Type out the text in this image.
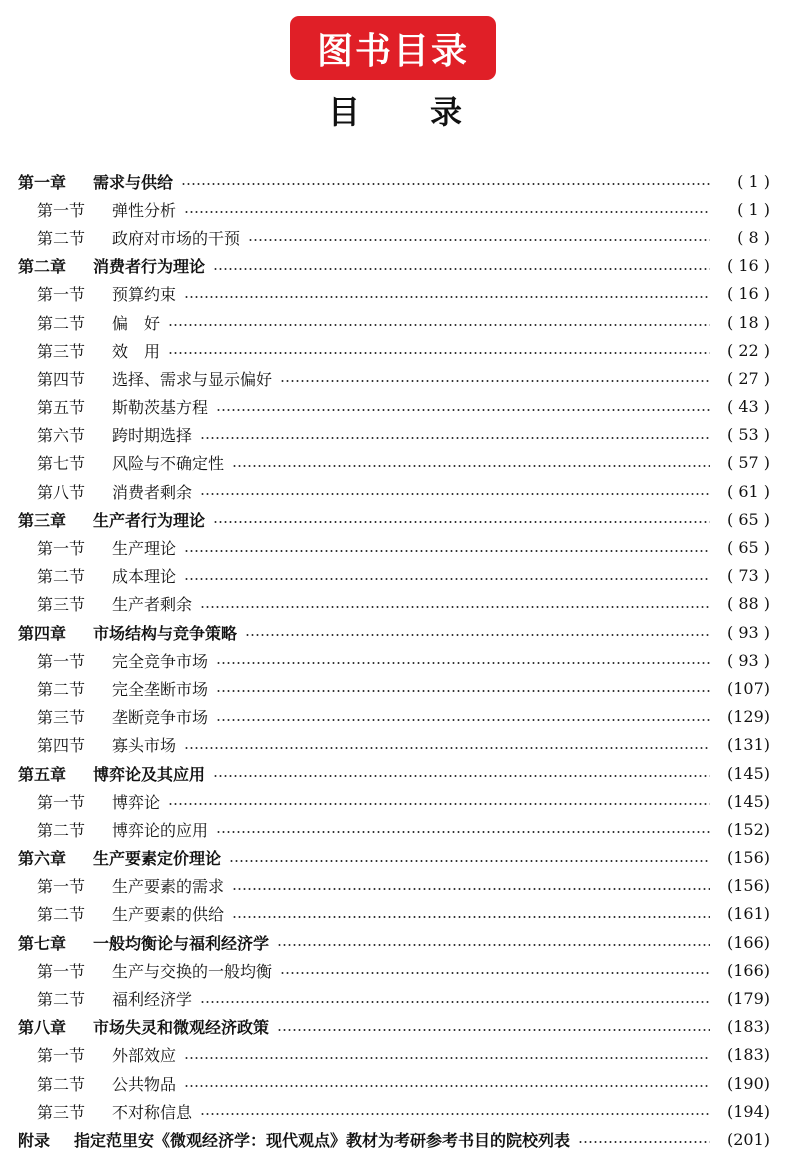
图书目录
目 录
第一章	需求与供给	( 1 )
第一节	弹性分析	( 1 )
第二节	政府对市场的干预	( 8 )
第二章	消费者行为理论	( 16 )
第一节	预算约束	( 16 )
第二节	偏　好	( 18 )
第三节	效　用	( 22 )
第四节	选择、需求与显示偏好	( 27 )
第五节	斯勒茨基方程	( 43 )
第六节	跨时期选择	( 53 )
第七节	风险与不确定性	( 57 )
第八节	消费者剩余	( 61 )
第三章	生产者行为理论	( 65 )
第一节	生产理论	( 65 )
第二节	成本理论	( 73 )
第三节	生产者剩余	( 88 )
第四章	市场结构与竞争策略	( 93 )
第一节	完全竞争市场	( 93 )
第二节	完全垄断市场	(107)
第三节	垄断竞争市场	(129)
第四节	寡头市场	(131)
第五章	博弈论及其应用	(145)
第一节	博弈论	(145)
第二节	博弈论的应用	(152)
第六章	生产要素定价理论	(156)
第一节	生产要素的需求	(156)
第二节	生产要素的供给	(161)
第七章	一般均衡论与福利经济学	(166)
第一节	生产与交换的一般均衡	(166)
第二节	福利经济学	(179)
第八章	市场失灵和微观经济政策	(183)
第一节	外部效应	(183)
第二节	公共物品	(190)
第三节	不对称信息	(194)
附录	指定范里安《微观经济学：现代观点》教材为考研参考书目的院校列表	(201)
